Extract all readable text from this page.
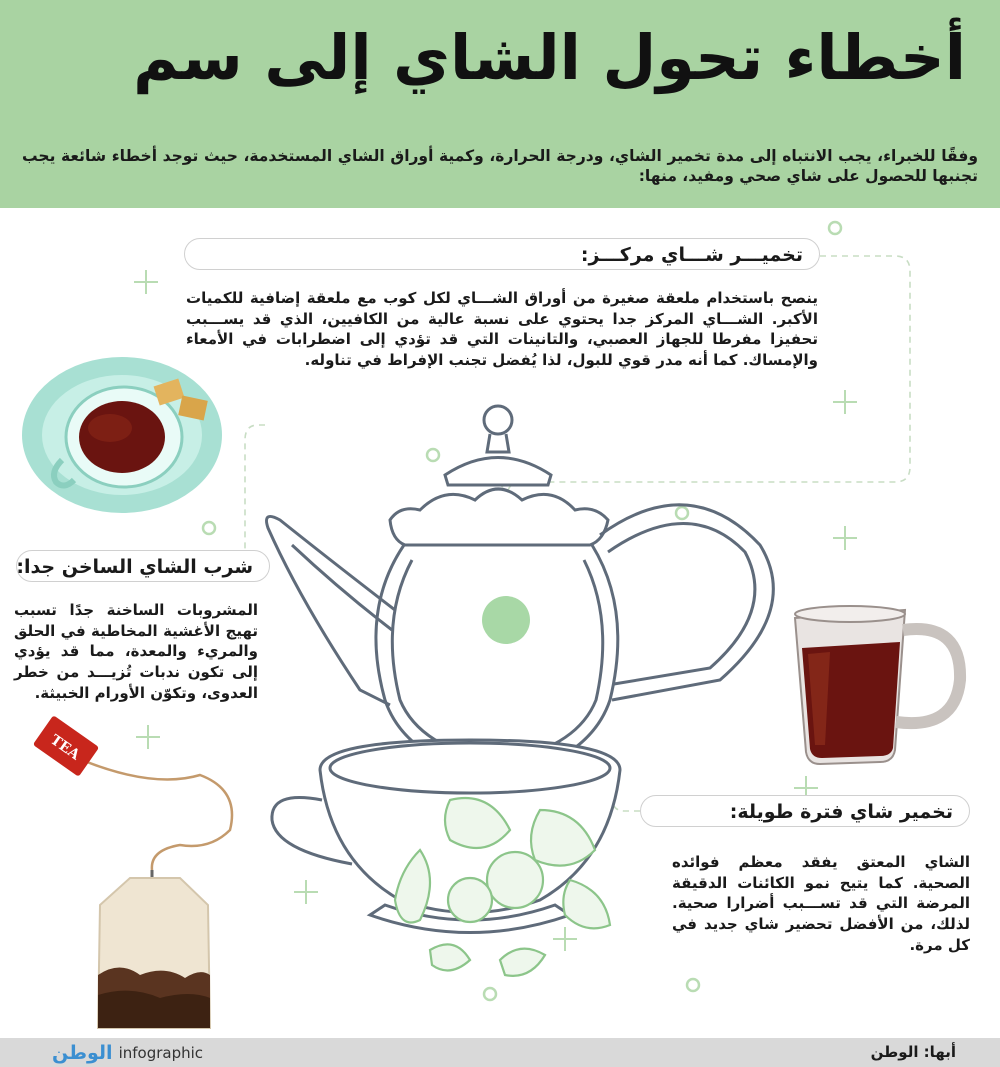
أخطاء تحول الشاي إلى سم

وفقًا للخبراء، يجب الانتباه إلى مدة تخمير الشاي، ودرجة الحرارة، وكمية أوراق الشاي المستخدمة، حيث توجد أخطاء شائعة يجب تجنبها للحصول على شاي صحي ومفيد، منها:

TEA
تخميـــر شـــاي مركـــز:

ينصح باستخدام ملعقة صغيرة من أوراق الشـــاي لكل كوب مع ملعقة إضافية للكميات الأكبر. الشـــاي المركز جدا يحتوي على نسبة عالية من الكافيين، الذي قد يســـبب تحفيزا مفرطا للجهاز العصبي، والتانينات التي قد تؤدي إلى اضطرابات في الأمعاء والإمساك. كما أنه مدر قوي للبول، لذا يُفضل تجنب الإفراط في تناوله.

شرب الشاي الساخن جدا:

المشروبات الساخنة جدًا تسبب تهيج الأغشية المخاطية في الحلق والمريء والمعدة، مما قد يؤدي إلى تكون ندبات تُزيـــد من خطر العدوى، وتكوّن الأورام الخبيثة.

تخمير شاي فترة طويلة:

الشاي المعتق يفقد معظم فوائده الصحية. كما يتيح نمو الكائنات الدقيقة المرضة التي قد تســـبب أضرارا صحية. لذلك، من الأفضل تحضير شاي جديد في كل مرة.

أبها: الوطن
الوطن infographic
